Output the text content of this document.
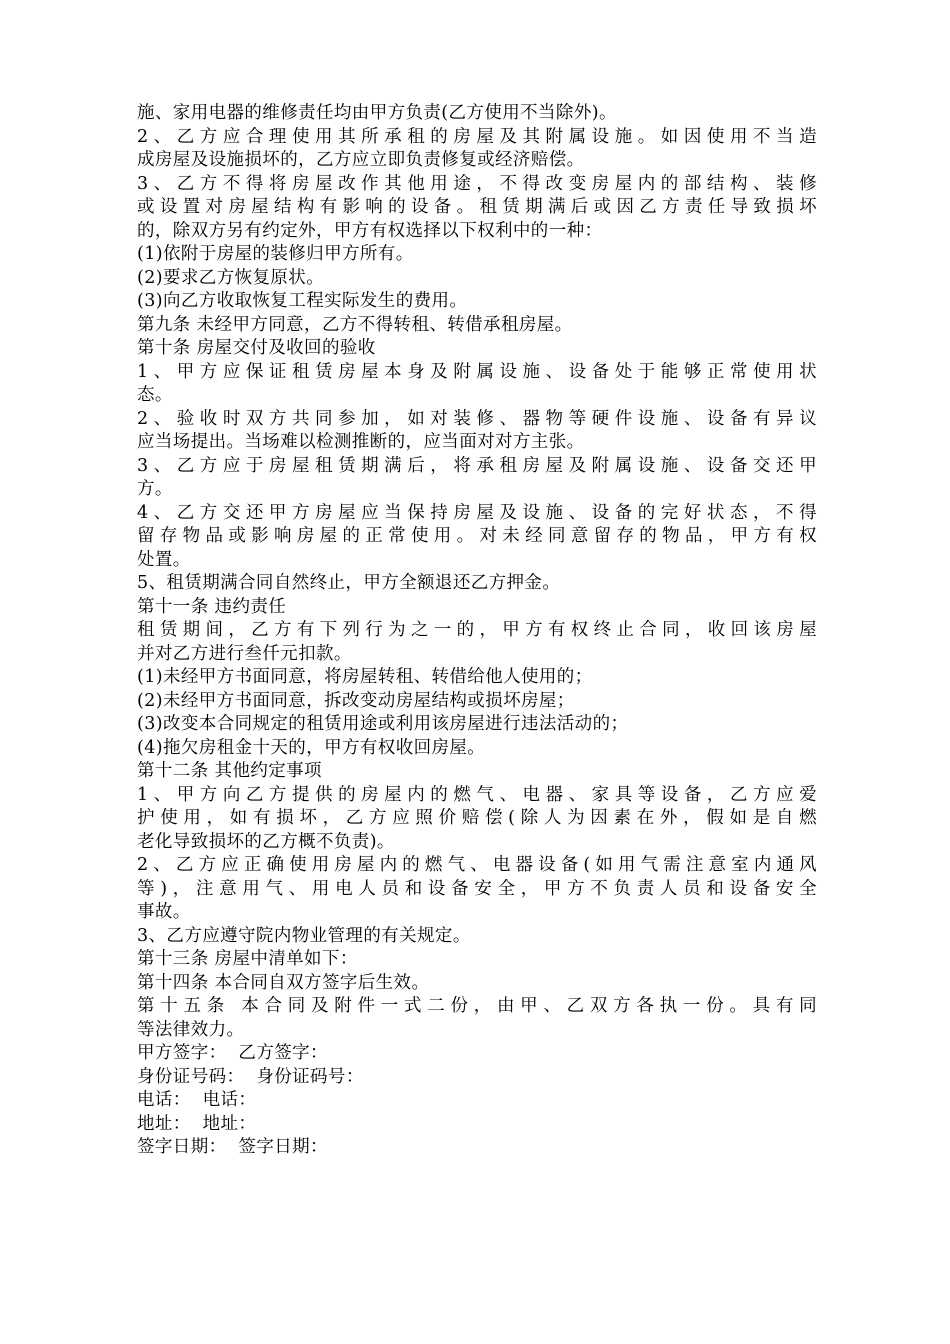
施、家用电器的维修责任均由甲方负责(乙方使用不当除外)。
2、乙方应合理使用其所承租的房屋及其附属设施。如因使用不当造
成房屋及设施损坏的，乙方应立即负责修复或经济赔偿。
3、乙方不得将房屋改作其他用途，不得改变房屋内的部结构、装修
或设置对房屋结构有影响的设备。租赁期满后或因乙方责任导致损坏
的，除双方另有约定外，甲方有权选择以下权利中的一种：
(1)依附于房屋的装修归甲方所有。
(2)要求乙方恢复原状。
(3)向乙方收取恢复工程实际发生的费用。
第九条 未经甲方同意，乙方不得转租、转借承租房屋。
第十条 房屋交付及收回的验收
1、甲方应保证租赁房屋本身及附属设施、设备处于能够正常使用状
态。
2、验收时双方共同参加，如对装修、器物等硬件设施、设备有异议
应当场提出。当场难以检测推断的，应当面对对方主张。
3、乙方应于房屋租赁期满后，将承租房屋及附属设施、设备交还甲
方。
4、乙方交还甲方房屋应当保持房屋及设施、设备的完好状态，不得
留存物品或影响房屋的正常使用。对未经同意留存的物品，甲方有权
处置。
5、租赁期满合同自然终止，甲方全额退还乙方押金。
第十一条 违约责任
租赁期间，乙方有下列行为之一的，甲方有权终止合同，收回该房屋
并对乙方进行叁仟元扣款。
(1)未经甲方书面同意，将房屋转租、转借给他人使用的；
(2)未经甲方书面同意，拆改变动房屋结构或损坏房屋；
(3)改变本合同规定的租赁用途或利用该房屋进行违法活动的；
(4)拖欠房租金十天的，甲方有权收回房屋。
第十二条 其他约定事项
1、甲方向乙方提供的房屋内的燃气、电器、家具等设备，乙方应爱
护使用，如有损坏，乙方应照价赔偿(除人为因素在外，假如是自燃
老化导致损坏的乙方概不负责)。
2、乙方应正确使用房屋内的燃气、电器设备(如用气需注意室内通风
等)，注意用气、用电人员和设备安全，甲方不负责人员和设备安全
事故。
3、乙方应遵守院内物业管理的有关规定。
第十三条 房屋中清单如下：
第十四条 本合同自双方签字后生效。
第十五条 本合同及附件一式二份，由甲、乙双方各执一份。具有同
等法律效力。
甲方签字：  乙方签字：
身份证号码：  身份证码号：
电话：  电话：
地址：  地址：
签字日期：  签字日期：
